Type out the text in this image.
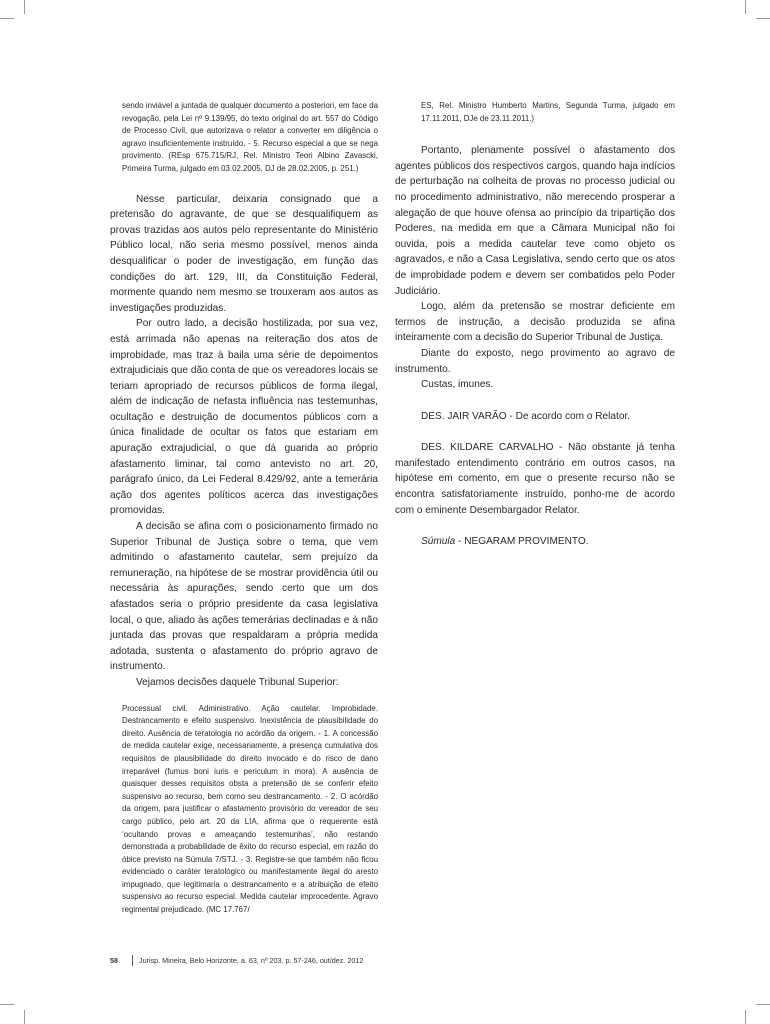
sendo inviável a juntada de qualquer documento a posteriori, em face da revogação, pela Lei nº 9.139/95, do texto original do art. 557 do Código de Processo Civil, que autorizava o relator a converter em diligência o agravo insuficientemente instruído. - 5. Recurso especial a que se nega provimento. (REsp 675.715/RJ, Rel. Ministro Teori Albino Zavascki, Primeira Turma, julgado em 03.02.2005, DJ de 28.02.2005, p. 251.)

Nesse particular, deixaria consignado que a pretensão do agravante, de que se desqualifiquem as provas trazidas aos autos pelo representante do Ministério Público local, não seria mesmo possível, menos ainda desqualificar o poder de investigação, em função das condições do art. 129, III, da Constituição Federal, mormente quando nem mesmo se trouxeram aos autos as investigações produzidas.

Por outro lado, a decisão hostilizada, por sua vez, está arrimada não apenas na reiteração dos atos de improbidade, mas traz à baila uma série de depoimentos extrajudiciais que dão conta de que os vereadores locais se teriam apropriado de recursos públicos de forma ilegal, além de indicação de nefasta influência nas testemunhas, ocultação e destruição de documentos públicos com a única finalidade de ocultar os fatos que estariam em apuração extrajudicial, o que dá guarida ao próprio afastamento liminar, tal como antevisto no art. 20, parágrafo único, da Lei Federal 8.429/92, ante a temerária ação dos agentes políticos acerca das investigações promovidas.

A decisão se afina com o posicionamento firmado no Superior Tribunal de Justiça sobre o tema, que vem admitindo o afastamento cautelar, sem prejuízo da remuneração, na hipótese de se mostrar providência útil ou necessária às apurações, sendo certo que um dos afastados seria o próprio presidente da casa legislativa local, o que, aliado às ações temerárias declinadas e à não juntada das provas que respaldaram a própria medida adotada, sustenta o afastamento do próprio agravo de instrumento.

Vejamos decisões daquele Tribunal Superior:

Processual civil. Administrativo. Ação cautelar. Improbidade. Destrancamento e efeito suspensivo. Inexistência de plausibilidade do direito. Ausência de teratologia no acórdão da origem. - 1. A concessão de medida cautelar exige, necessariamente, a presença cumulativa dos requisitos de plausibilidade do direito invocado e do risco de dano irreparável (fumus boni iuris e periculum in mora). A ausência de quaisquer desses requisitos obsta a pretensão de se conferir efeito suspensivo ao recurso, bem como seu destrancamento. - 2. O acórdão da origem, para justificar o afastamento provisório do vereador de seu cargo público, pelo art. 20 da LIA, afirma que o requerente está ‘ocultando provas e ameaçando testemunhas’, não restando demonstrada a probabilidade de êxito do recurso especial, em razão do óbice previsto na Súmula 7/STJ. - 3. Registre-se que também não ficou evidenciado o caráter teratológico ou manifestamente ilegal do aresto impugnado, que legitimaria o destrancamento e a atribuição de efeito suspensivo ao recurso especial. Medida cautelar improcedente. Agravo regimental prejudicado. (MC 17.767/

ES, Rel. Ministro Humberto Martins, Segunda Turma, julgado em 17.11.2011, DJe de 23.11.2011.)

Portanto, plenamente possível o afastamento dos agentes públicos dos respectivos cargos, quando haja indícios de perturbação na colheita de provas no processo judicial ou no procedimento administrativo, não merecendo prosperar a alegação de que houve ofensa ao princípio da tripartição dos Poderes, na medida em que a Câmara Municipal não foi ouvida, pois a medida cautelar teve como objeto os agravados, e não a Casa Legislativa, sendo certo que os atos de improbidade podem e devem ser combatidos pelo Poder Judiciário.

Logo, além da pretensão se mostrar deficiente em termos de instrução, a decisão produzida se afina inteiramente com a decisão do Superior Tribunal de Justiça.

Diante do exposto, nego provimento ao agravo de instrumento.

Custas, imunes.

DES. JAIR VARÃO - De acordo com o Relator.

DES. KILDARE CARVALHO - Não obstante já tenha manifestado entendimento contrário em outros casos, na hipótese em comento, em que o presente recurso não se encontra satisfatoriamente instruído, ponho-me de acordo com o eminente Desembargador Relator.

Súmula - NEGARAM PROVIMENTO.

58	Jurisp. Mineira, Belo Horizonte, a. 63, nº 203, p. 57-246, out/dez. 2012
